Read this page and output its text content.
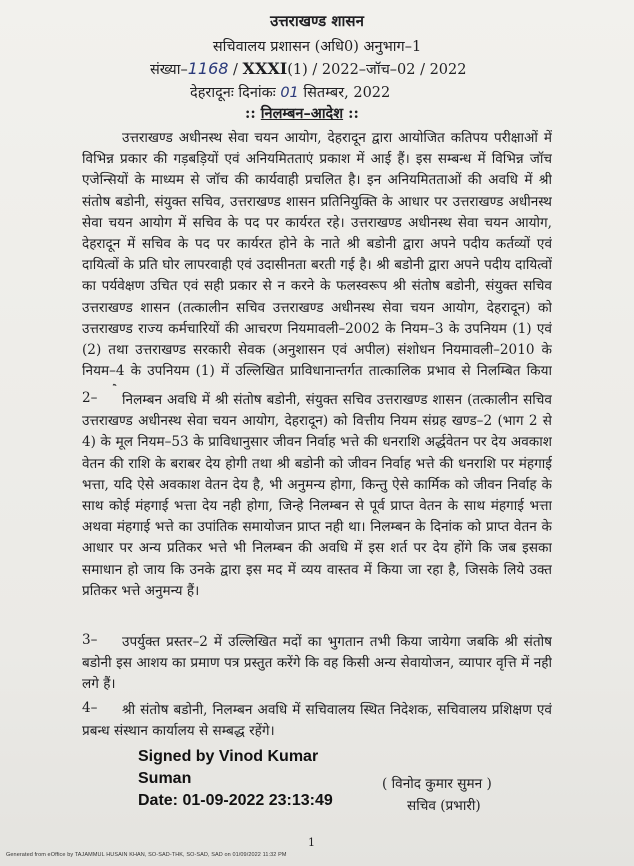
उत्तराखण्ड शासन
सचिवालय प्रशासन (अधि0) अनुभाग–1
संख्या–1168 / XXXI(1) / 2022–जॉच–02 / 2022
देहरादूनः दिनांकः 01 सितम्बर, 2022
:: निलम्बन–आदेश ::
उत्तराखण्ड अधीनस्थ सेवा चयन आयोग, देहरादून द्वारा आयोजित कतिपय परीक्षाओं में विभिन्न प्रकार की गड़बड़ियों एवं अनियमितताएं प्रकाश में आई हैं। इस सम्बन्ध में विभिन्न जॉच एजेन्सियों के माध्यम से जॉच की कार्यवाही प्रचलित है। इन अनियमितताओं की अवधि में श्री संतोष बडोनी, संयुक्त सचिव, उत्तराखण्ड शासन प्रतिनियुक्ति के आधार पर उत्तराखण्ड अधीनस्थ सेवा चयन आयोग में सचिव के पद पर कार्यरत रहे। उत्तराखण्ड अधीनस्थ सेवा चयन आयोग, देहरादून में सचिव के पद पर कार्यरत होने के नाते श्री बडोनी द्वारा अपने पदीय कर्तव्यों एवं दायित्वों के प्रति घोर लापरवाही एवं उदासीनता बरती गई है। श्री बडोनी द्वारा अपने पदीय दायित्वों का पर्यवेक्षण उचित एवं सही प्रकार से न करने के फलस्वरूप श्री संतोष बडोनी, संयुक्त सचिव उत्तराखण्ड शासन (तत्कालीन सचिव उत्तराखण्ड अधीनस्थ सेवा चयन आयोग, देहरादून) को उत्तराखण्ड राज्य कर्मचारियों की आचरण नियमावली–2002 के नियम–3 के उपनियम (1) एवं (2) तथा उत्तराखण्ड सरकारी सेवक (अनुशासन एवं अपील) संशोधन नियमावली–2010 के नियम–4 के उपनियम (1) में उल्लिखित प्राविधानान्तर्गत तात्कालिक प्रभाव से निलम्बित किया
2–	निलम्बन अवधि में श्री संतोष बडोनी, संयुक्त सचिव उत्तराखण्ड शासन (तत्कालीन सचिव उत्तराखण्ड अधीनस्थ सेवा चयन आयोग, देहरादून) को वित्तीय नियम संग्रह खण्ड–2 (भाग 2 से 4) के मूल नियम–53 के प्राविधानुसार जीवन निर्वाह भत्ते की धनराशि अर्द्धवेतन पर देय अवकाश वेतन की राशि के बराबर देय होगी तथा श्री बडोनी को जीवन निर्वाह भत्ते की धनराशि पर मंहगाई भत्ता, यदि ऐसे अवकाश वेतन देय है, भी अनुमन्य होगा, किन्तु ऐसे कार्मिक को जीवन निर्वाह के साथ कोई मंहगाई भत्ता देय नही होगा, जिन्हे निलम्बन से पूर्व प्राप्त वेतन के साथ मंहगाई भत्ता अथवा मंहगाई भत्ते का उपांतिक समायोजन प्राप्त नही था। निलम्बन के दिनांक को प्राप्त वेतन के आधार पर अन्य प्रतिकर भत्ते भी निलम्बन की अवधि में इस शर्त पर देय होंगे कि जब इसका समाधान हो जाय कि उनके द्वारा इस मद में व्यय वास्तव में किया जा रहा है, जिसके लिये उक्त प्रतिकर भत्ते अनुमन्य हैं।
3–	उपर्युक्त प्रस्तर–2 में उल्लिखित मदों का भुगतान तभी किया जायेगा जबकि श्री संतोष बडोनी इस आशय का प्रमाण पत्र प्रस्तुत करेंगे कि वह किसी अन्य सेवायोजन, व्यापार वृत्ति में नही लगे हैं।
4–	श्री संतोष बडोनी, निलम्बन अवधि में सचिवालय स्थित निदेशक, सचिवालय प्रशिक्षण एवं प्रबन्ध संस्थान कार्यालय से सम्बद्ध रहेंगे।
Signed by Vinod Kumar
Suman
Date: 01-09-2022 23:13:49
( विनोद कुमार सुमन )
सचिव (प्रभारी)
1
Generated from eOffice by TAJAMMUL HUSAIN KHAN, SO-SAD-THK, SO-SAD, SAD on 01/09/2022 11:32 PM
